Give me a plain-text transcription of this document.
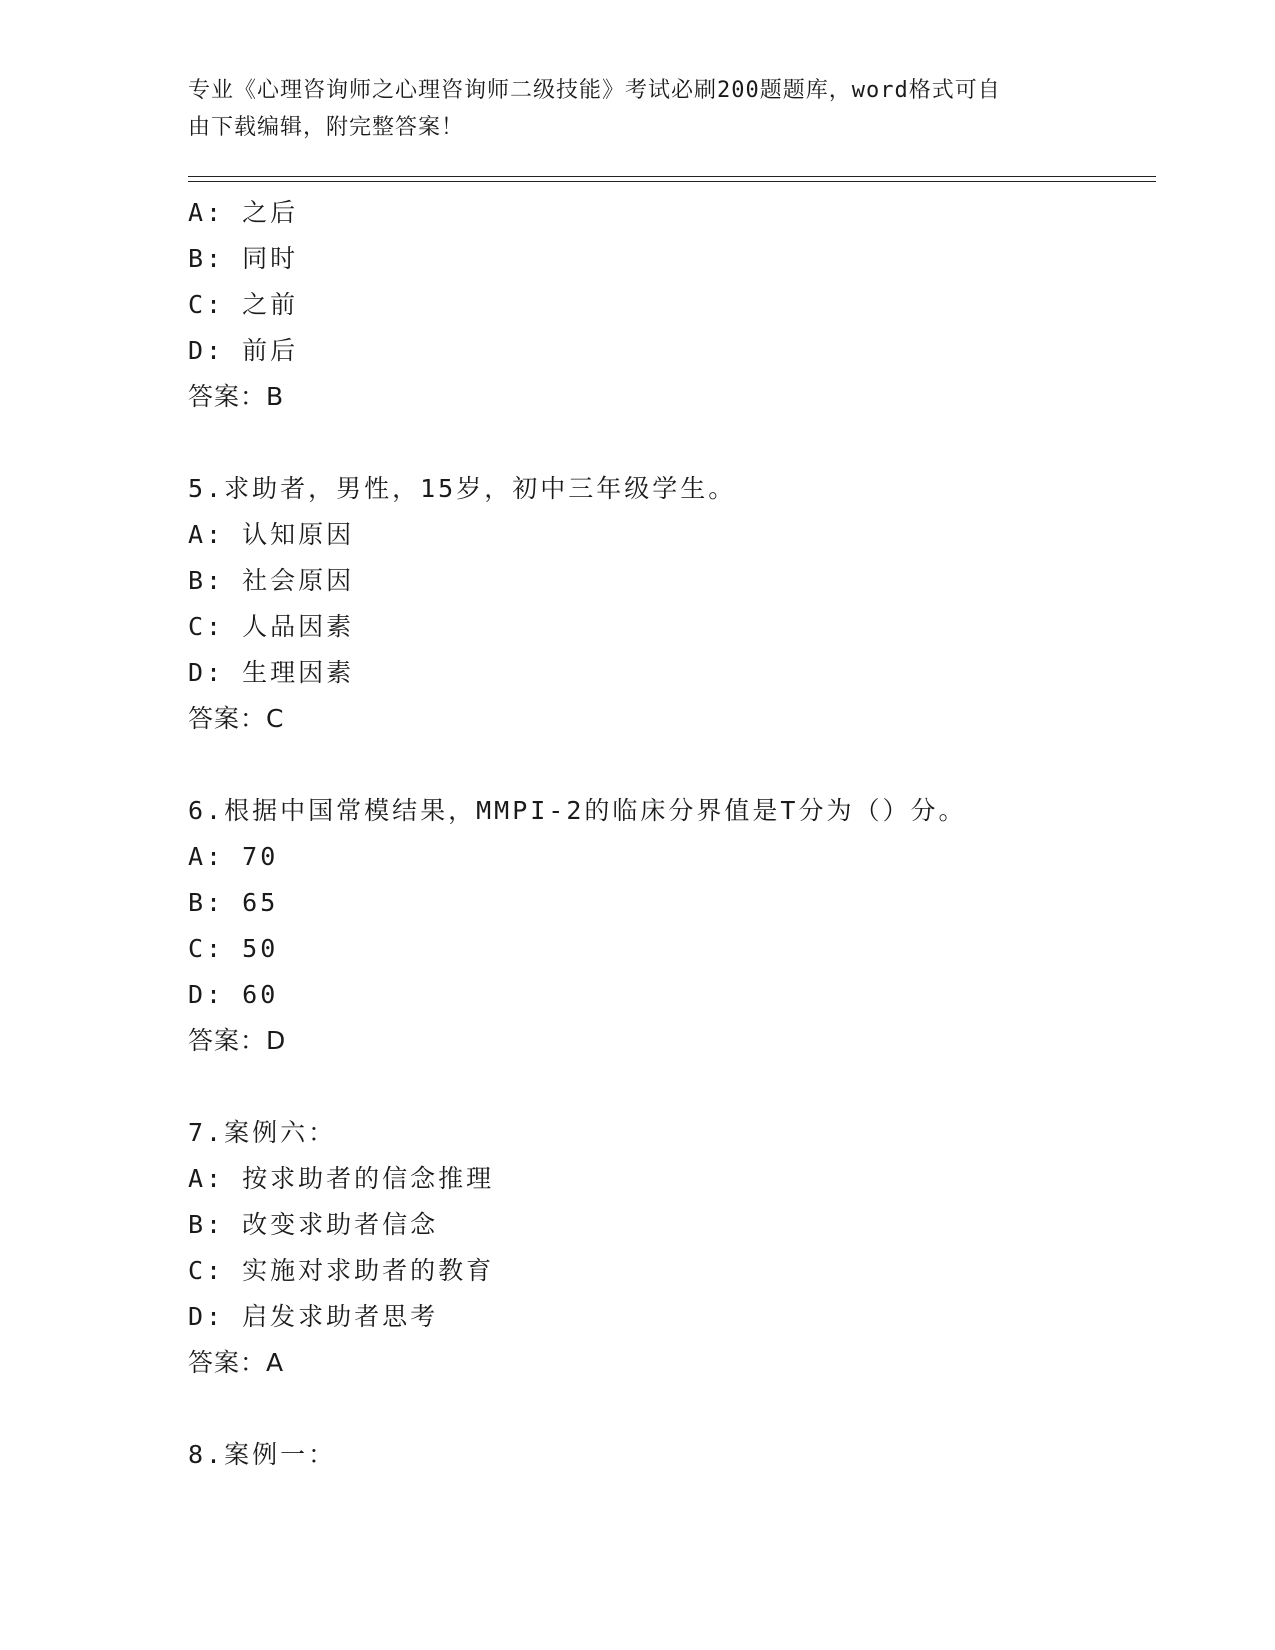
专业《心理咨询师之心理咨询师二级技能》考试必刷200题题库，word格式可自
由下载编辑，附完整答案！
A: 之后
B: 同时
C: 之前
D: 前后
答案：B
5.求助者，男性，15岁，初中三年级学生。
A: 认知原因
B: 社会原因
C: 人品因素
D: 生理因素
答案：C
6.根据中国常模结果，MMPI-2的临床分界值是T分为（）分。
A: 70
B: 65
C: 50
D: 60
答案：D
7.案例六：
A: 按求助者的信念推理
B: 改变求助者信念
C: 实施对求助者的教育
D: 启发求助者思考
答案：A
8.案例一：
